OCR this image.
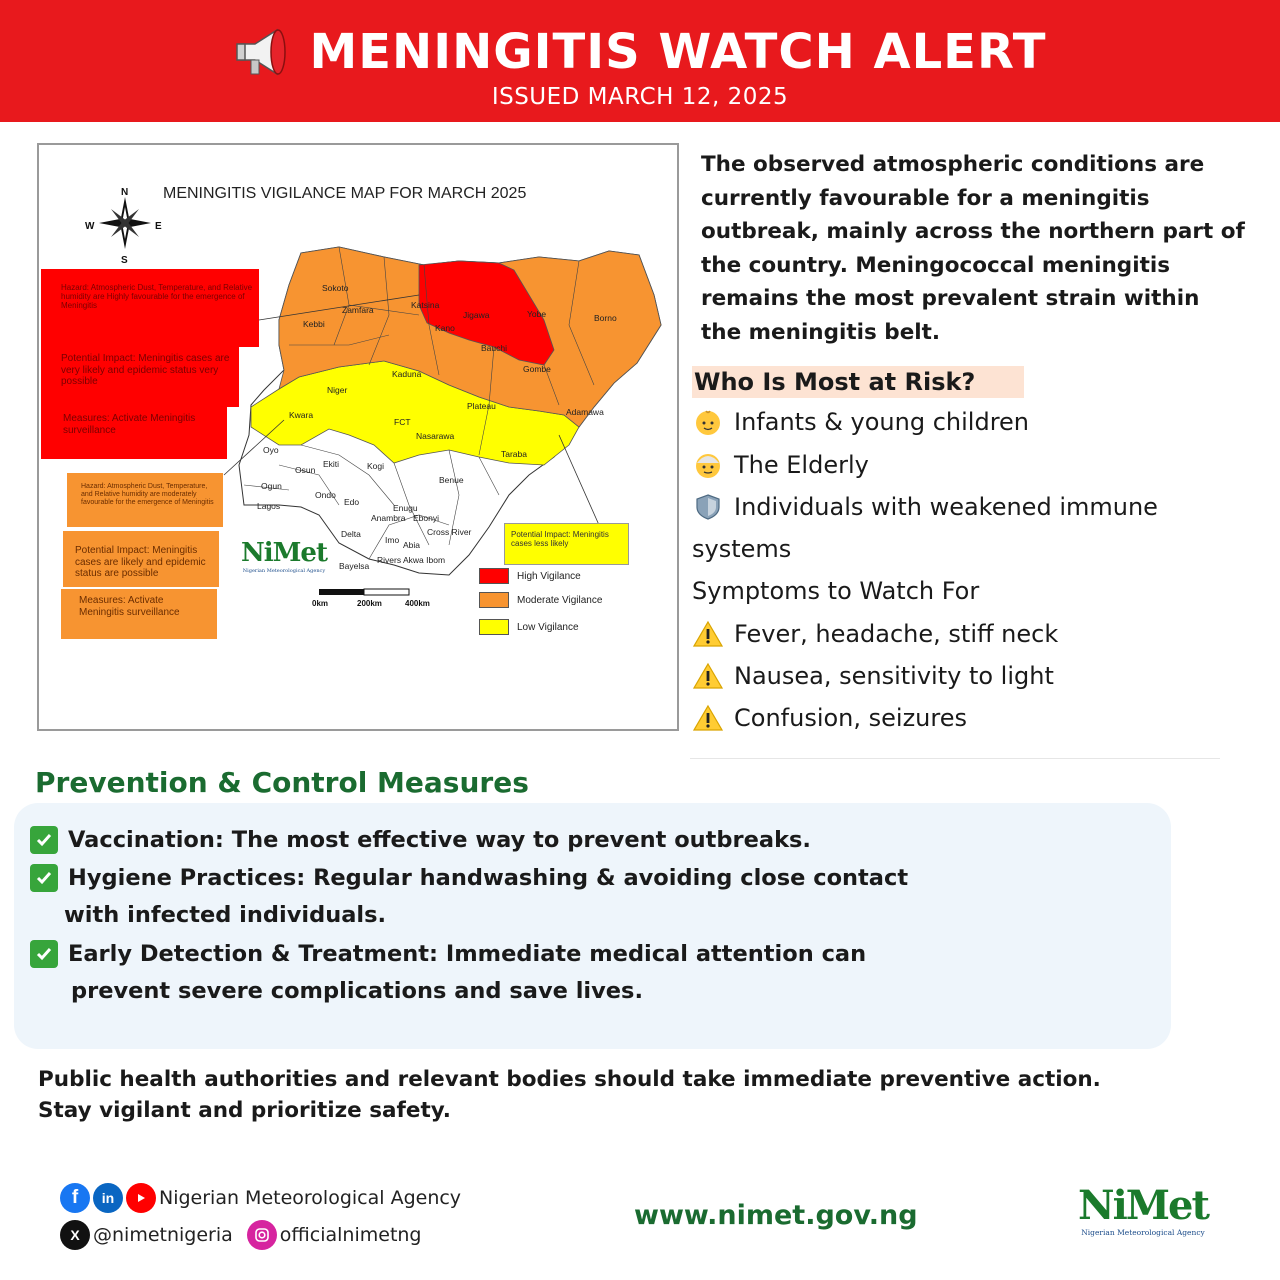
MENINGITIS WATCH ALERT
ISSUED MARCH 12, 2025
MENINGITIS VIGILANCE MAP FOR MARCH 2025
N
S
E
W
Hazard: Atmospheric Dust, Temperature, and Relative humidity are Highly favourable for the emergence of Meningitis
Potential Impact: Meningitis cases are very likely and epidemic status very possible
Measures: Activate Meningitis surveillance
Hazard: Atmospheric Dust, Temperature, and Relative humidity are moderately favourable for the emergence of Meningitis
Potential Impact: Meningitis cases are likely and epidemic status are possible
Measures: Activate Meningitis surveillance
Potential Impact: Meningitis cases less likely
High Vigilance
Moderate Vigilance
Low Vigilance
0km	200km	400km
NiMet
Nigerian Meteorological Agency
Sokoto
Zamfara
Kebbi
Katsina
Kano
Jigawa	Yobe	Borno
Bauchi
Gombe
Kaduna
Niger
Kwara
FCT
Nasarawa
Plateau
Adamawa
Taraba
Oyo
Osun
Ekiti	Kogi
Benue
Ogun
Ondo
Edo
Lagos	Enugu
Anambra Ebonyi
Delta
Imo Abia
Cross River
Bayelsa
Rivers Akwa Ibom
The observed atmospheric conditions are currently favourable for a meningitis outbreak, mainly across the northern part of the country. Meningococcal meningitis remains the most prevalent strain within the meningitis belt.
Who Is Most at Risk?
Infants & young children
The Elderly
Individuals with weakened immune
systems
Symptoms to Watch For
Fever, headache, stiff neck
Nausea, sensitivity to light
Confusion, seizures
Prevention & Control Measures
Vaccination: The most effective way to prevent outbreaks.
Hygiene Practices: Regular handwashing & avoiding close contact
with infected individuals.
Early Detection & Treatment: Immediate medical attention can
prevent severe complications and save lives.
Public health authorities and relevant bodies should take immediate preventive action.
Stay vigilant and prioritize safety.
f	in	Nigerian Meteorological Agency
X @nimetnigeria officialnimetng
www.nimet.gov.ng	NiMet
Nigerian Meteorological Agency
